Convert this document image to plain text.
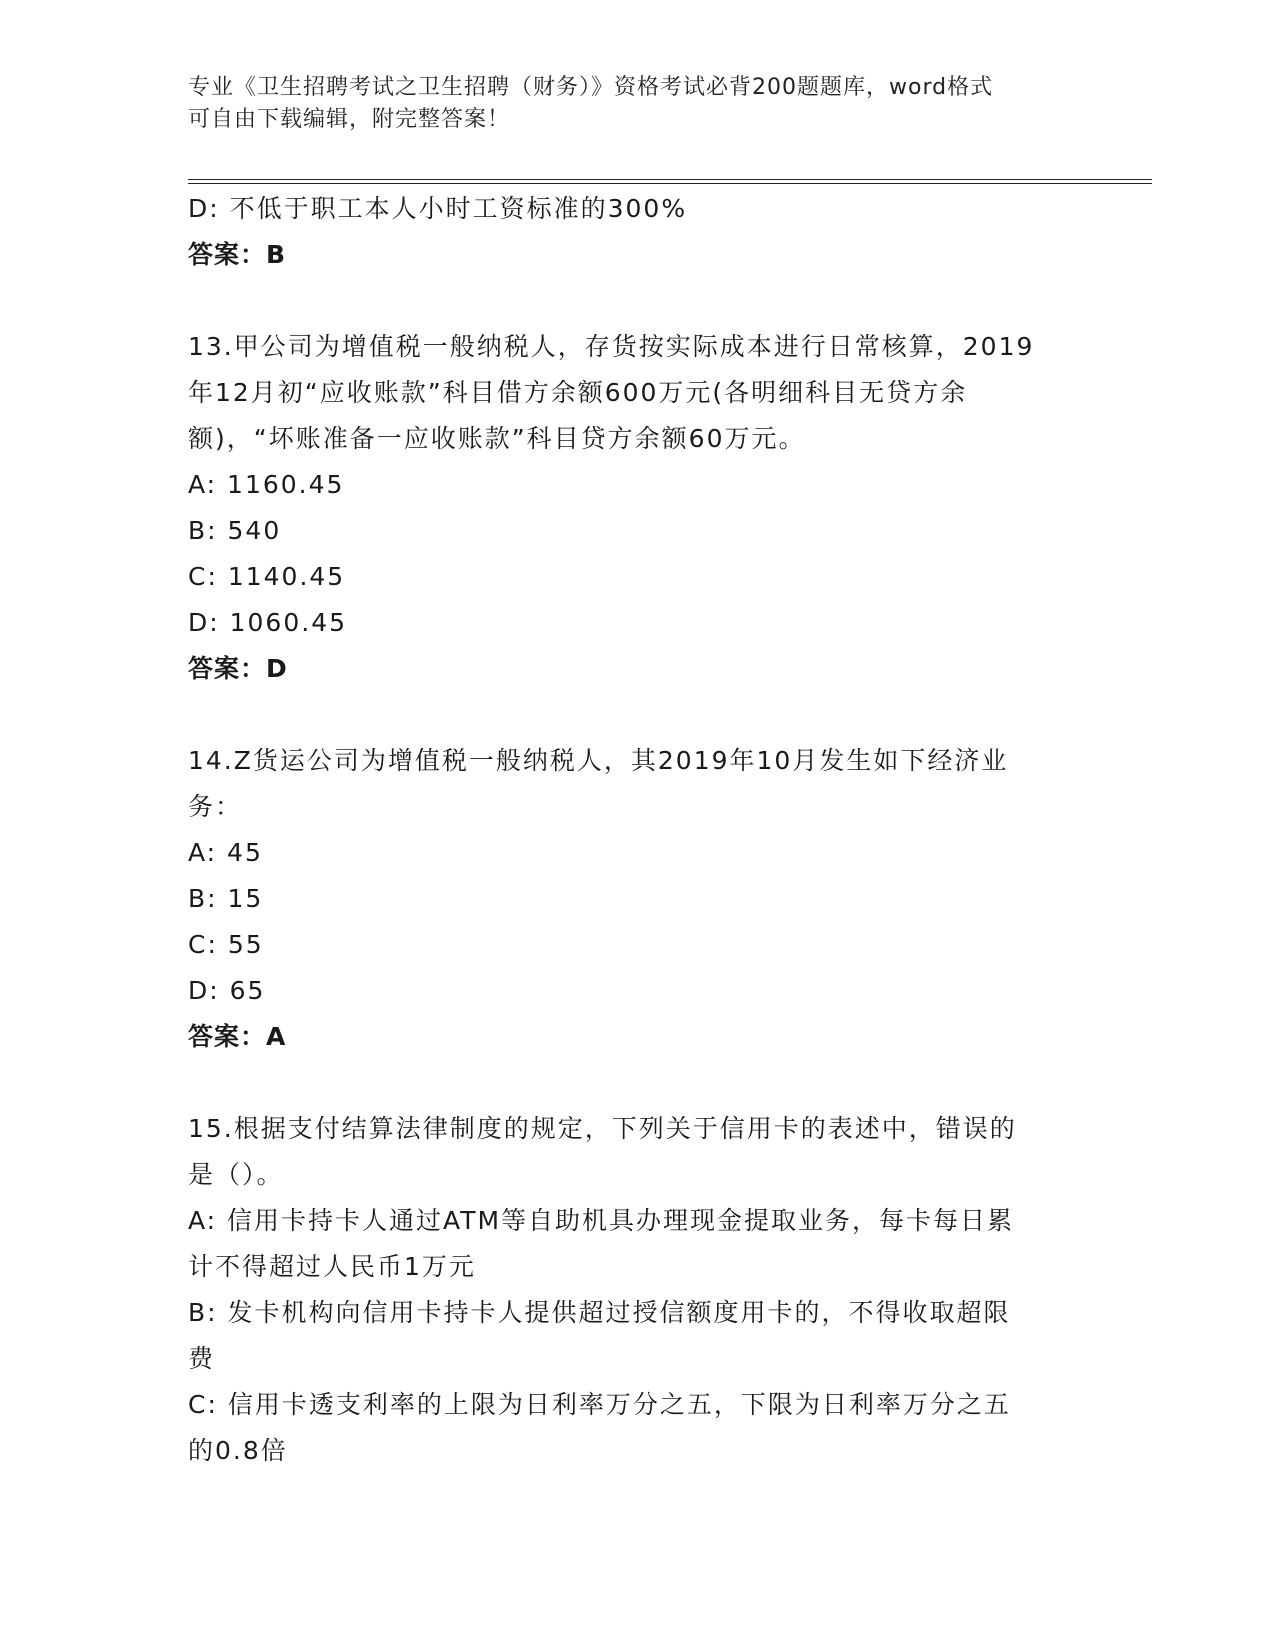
专业《卫生招聘考试之卫生招聘（财务）》资格考试必背200题题库，word格式
可自由下载编辑，附完整答案！
D: 不低于职工本人小时工资标准的300%
答案：B
13.甲公司为增值税一般纳税人，存货按实际成本进行日常核算，2019
年12月初“应收账款”科目借方余额600万元(各明细科目无贷方余
额)，“坏账准备一应收账款”科目贷方余额60万元。
A: 1160.45
B: 540
C: 1140.45
D: 1060.45
答案：D
14.Z货运公司为增值税一般纳税人，其2019年10月发生如下经济业
务：
A: 45
B: 15
C: 55
D: 65
答案：A
15.根据支付结算法律制度的规定，下列关于信用卡的表述中，错误的
是（）。
A: 信用卡持卡人通过ATM等自助机具办理现金提取业务，每卡每日累
计不得超过人民币1万元
B: 发卡机构向信用卡持卡人提供超过授信额度用卡的，不得收取超限
费
C: 信用卡透支利率的上限为日利率万分之五，下限为日利率万分之五
的0.8倍
